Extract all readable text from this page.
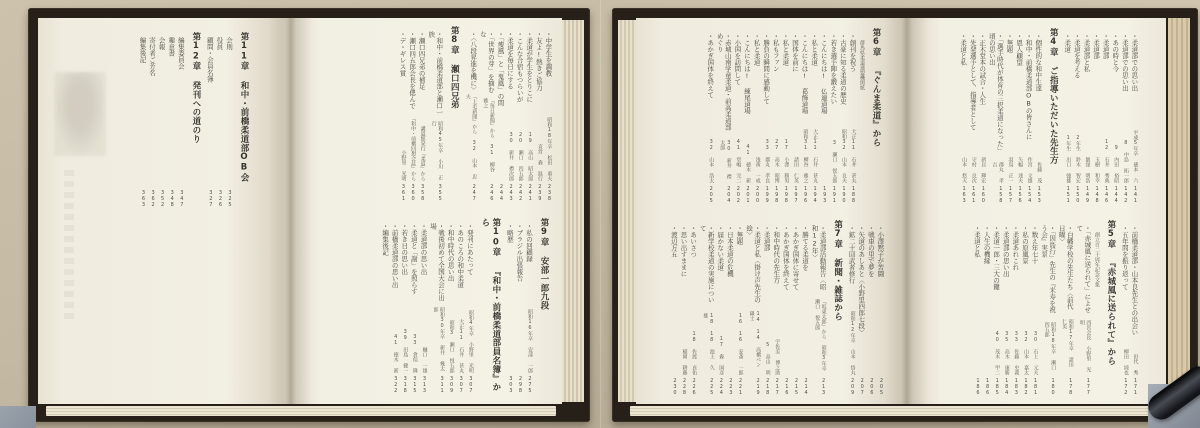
第11章 和中・前橋柔道部OB会
会則
325
役員
326
顧問・会員名簿
327
第12章 発刊への道のり
編集委員会
347
趣意書
348
会報
352
寄付者ご芳名
362
編集後記
363
・中学生を調教
昭和18年卒 松田 重夫
238
・友よ!熱きご協力
直営 森 温行
239
・柔道が学生をとりこに
19 高山 昭太郎
241
・こんな合宿もつらいが
20 瀬口 四五郎
242
・柔道を毎日にする
30 新井 禮次郎
243
・「痩風」と「鬼風」の間
244
・「世界の芽」を摘むな
『毎日新聞』から 31 柳谷 雅之
246
・〈八段昇進を機に〉
『上毛新聞』から 32 山本 忠夫
247
第8章 瀬口四兄弟
・和中・前橋柔道部と瀬口一族
昭和45年卒 小川 正行
355
・瀬口四兄弟の補足
講道館発行『柔道』から
358
・瀬口四五郎会長を偲んで
『和中・前橋回想会誌』から
360
・デ・ギレス賞
小野里 光明
361
第9章 安部一郎九段
・私の回顧録
昭和16年卒 安部 一郎
275
・ブラジル出張報告
298
・略歴
303
第10章 『和中・前橋柔道部員名簿』から
・発刊にあたって
昭和4年卒 小野里 光明
307
・あのころの和中柔道
大正11 石井 甚丸
307
・和中時代の思い出
昭和3 瀬口 悦五郎
309
・戦後初めて全国大会に出場
昭和30年卒 新井 幾太郎
311
・柔道部の思い出
樋口 一雄
313
・柔道と「謝」を照らす
33 倉俣 隆
315
・若き日の思い出
39 田島 健一
318
・前橋柔道部の思い出
41 徳木 新
322
・編集後記
第6章 『ぐんま柔道』から
群馬県柔道連盟機関紙
・創刊を祝う
大正11 石井 甚丸
188
・古豪に知る柔道の歴史
昭和32 山本 良夫
190
・若き選手陣を鍛えたい
3 瀬口 悦五郎
191
・こんにちは! 仏連道場
193
・私と柔道
大正11 石井 甚丸
194
・こんにちは! 葛飾道場
昭和31 柳谷 雅之
196
・国体を前に
諸田 仁英
197
・私と柔道
17 小澤 勝男
198
・私もファン
27 高木 昭博
198
・勝負の瞬間に感動して
33 郡丸 孝良
199
・私と柔道
浅黄 一成
200
・こんにちは! 練尾道場
41 徳木 新
201
・小国を訪問して
41 堂嶋 完二
202
・赤城山南学童柔道・前高柔道部めぐり
30 新井 禮太郎
204
・あかぎ国体を終えて
32 山本 浩太
205
・小澤黙子が苦闘
205
・戦車の里で夢を
206
・矢道のあしあと〈小野里四郎七段〉
207
・鉱二十回武者修行
昭和12年卒 山本 悟丸
209
第7章 新聞・雑誌から
・柔道部活動報告〈昭和12年〉
『坂東太郎』から 昭和3年卒 瀬口 悦五郎
213
・勝てる柔道を
214
・あかぎ国体に寄せて
215
・あかぎ国体を終えて
216
・和中時代の先生方
宇佐美 博之助
217
・柔道部
5 高山 明
218
・柔道と私〈掛け声先生の絵〉
14 14 高橋ペン 隆士
219
・無題
16 16 安斎 一郎
221
・日本柔道の危機
223
・届かない柔道
17 森 国彦
224
・新学校柔道の実施について
18 18 池上 久雄
225
・あいさつ
18 佐渡 貞佑
226
・思い出すままに
稲岡 耕藤
228
・渡辺万五
230
・柔道部での思い出
平成5年卒 徳本 六
141
・柔道部での思い出
8 中島 拓一郎
142
・あの時と今
9 内田 裕昭
144
・柔道部
12 石井 秀典
146
・柔道部
玉樹 和幸
148
・柔道部と私
飯窪 明浩
149
・柔道を考える
2年生 鈴木 智宏
150
・柔道
1年生 出口 強雄
151
第4章 ご指導いただいた先生方
・個性的な和中生達
佐藤 茂
153
・和中・前橋柔道部OBの皆さんに
作宮 文雄
154
・恩人顧望
矢幅 達夫
156
・無題
羽鳥 正一
157
・「選手時代が体育の三択柔道になった」頃の思い出
郡丸 孝吉
158
・正木堂本の試合・人生
新貝 輝宏
160
・先発選手として、指導者として
守村 良次
161
・柔道と私
山本 悠天
163
・前橋柔道部・山本良先生との出会い
田代 秀
171
・五年間を振り返って
柳田 純也
172
第5章 『赤城風に送られて』から
創立百二十周年記念文集
・「赤城風に送られて」によせて
四宮会長 小野里 光明
177
・白幡学校の先生たち〈前代日曜〉
昭和17年卒 諸田 仁英
178
・「因島行」先生の『米寿を祝う会』実景
昭和18年卒 瀬口 四五郎
180
・数え年七十
30 石上 元夫
181
・私の原風景
32 山本 嘉太
182
・柔道あれこれ
33 佐藤 史義
183
・柔道部の思い出
35 高木 康勝
184
・柔道一郎・三大の鍵
40 茂木 甲二
185
・人生の機縁
186
・柔道と私
186
